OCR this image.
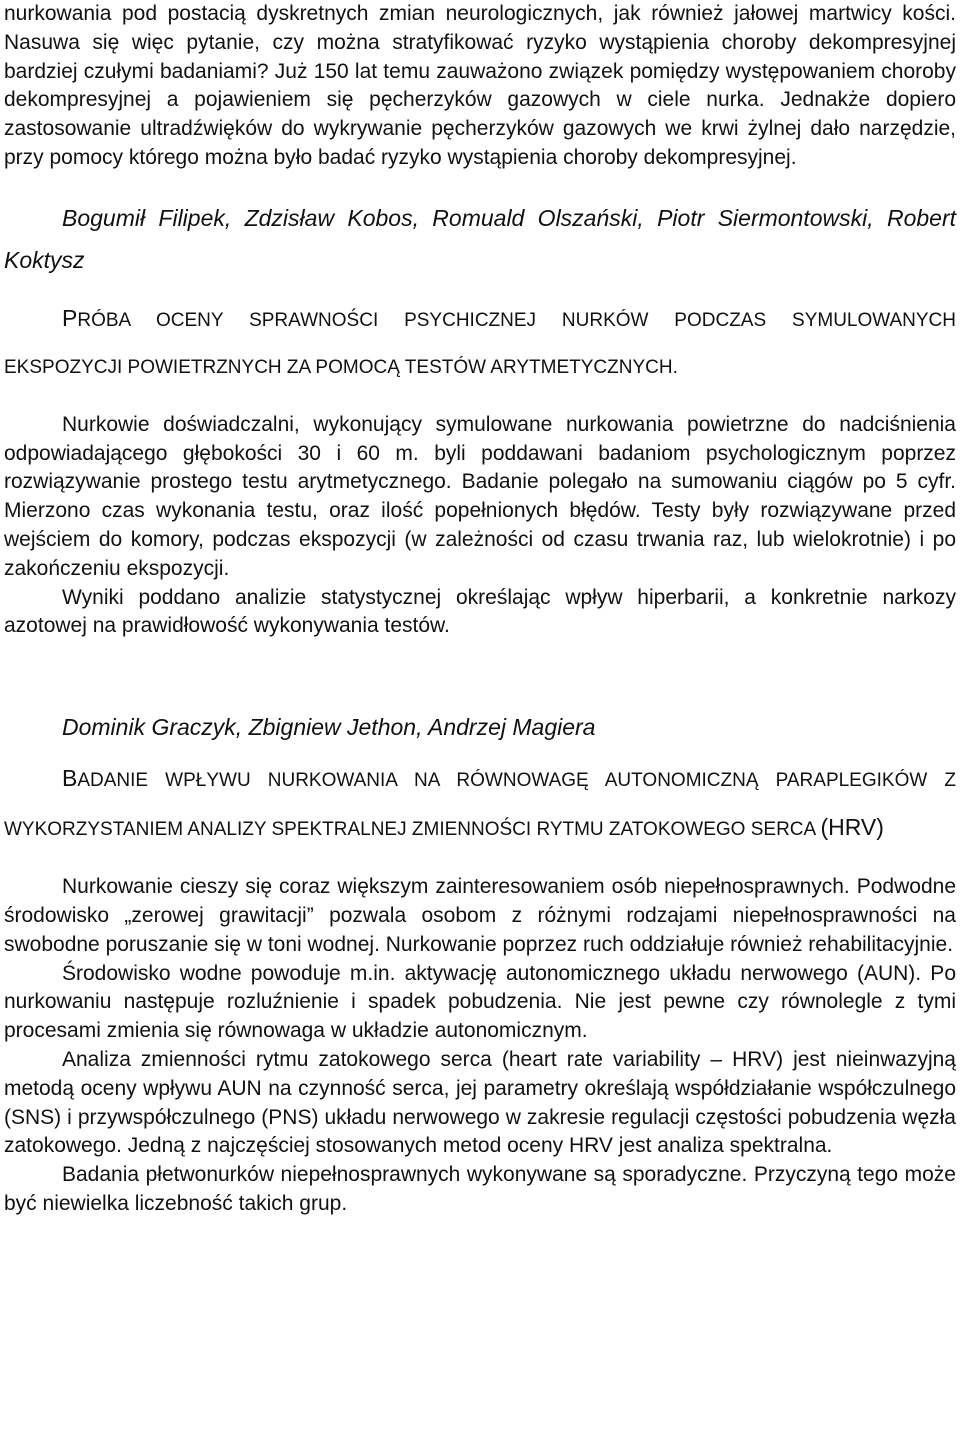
nurkowania pod postacią dyskretnych zmian neurologicznych, jak również jałowej martwicy kości. Nasuwa się więc pytanie, czy można stratyfikować ryzyko wystąpienia choroby dekompresyjnej bardziej czułymi badaniami? Już 150 lat temu zauważono związek pomiędzy występowaniem choroby dekompresyjnej a pojawieniem się pęcherzyków gazowych w ciele nurka. Jednakże dopiero zastosowanie ultradźwięków do wykrywanie pęcherzyków gazowych we krwi żylnej dało narzędzie, przy pomocy którego można było badać ryzyko wystąpienia choroby dekompresyjnej.

Bogumił Filipek, Zdzisław Kobos, Romuald Olszański, Piotr Siermontowski, Robert Koktysz

PRÓBA OCENY SPRAWNOŚCI PSYCHICZNEJ NURKÓW PODCZAS SYMULOWANYCH EKSPOZYCJI POWIETRZNYCH ZA POMOCĄ TESTÓW ARYTMETYCZNYCH.

Nurkowie doświadczalni, wykonujący symulowane nurkowania powietrzne do nadciśnienia odpowiadającego głębokości 30 i 60 m. byli poddawani badaniom psychologicznym poprzez rozwiązywanie prostego testu arytmetycznego. Badanie polegało na sumowaniu ciągów po 5 cyfr. Mierzono czas wykonania testu, oraz ilość popełnionych błędów. Testy były rozwiązywane przed wejściem do komory, podczas ekspozycji (w zależności od czasu trwania raz, lub wielokrotnie) i po zakończeniu ekspozycji.

Wyniki poddano analizie statystycznej określając wpływ hiperbarii, a konkretnie narkozy azotowej na prawidłowość wykonywania testów.

Dominik Graczyk, Zbigniew Jethon, Andrzej Magiera

BADANIE WPŁYWU NURKOWANIA NA RÓWNOWAGĘ AUTONOMICZNĄ PARAPLEGIKÓW Z WYKORZYSTANIEM ANALIZY SPEKTRALNEJ ZMIENNOŚCI RYTMU ZATOKOWEGO SERCA (HRV)

Nurkowanie cieszy się coraz większym zainteresowaniem osób niepełnosprawnych. Podwodne środowisko „zerowej grawitacji” pozwala osobom z różnymi rodzajami niepełnosprawności na swobodne poruszanie się w toni wodnej. Nurkowanie poprzez ruch oddziałuje również rehabilitacyjnie.

Środowisko wodne powoduje m.in. aktywację autonomicznego układu nerwowego (AUN). Po nurkowaniu następuje rozluźnienie i spadek pobudzenia. Nie jest pewne czy równolegle z tymi procesami zmienia się równowaga w układzie autonomicznym.

Analiza zmienności rytmu zatokowego serca (heart rate variability – HRV) jest nieinwazyjną metodą oceny wpływu AUN na czynność serca, jej parametry określają współdziałanie współczulnego (SNS) i przywspółczulnego (PNS) układu nerwowego w zakresie regulacji częstości pobudzenia węzła zatokowego. Jedną z najczęściej stosowanych metod oceny HRV jest analiza spektralna.

Badania płetwonurków niepełnosprawnych wykonywane są sporadyczne. Przyczyną tego może być niewielka liczebność takich grup.
